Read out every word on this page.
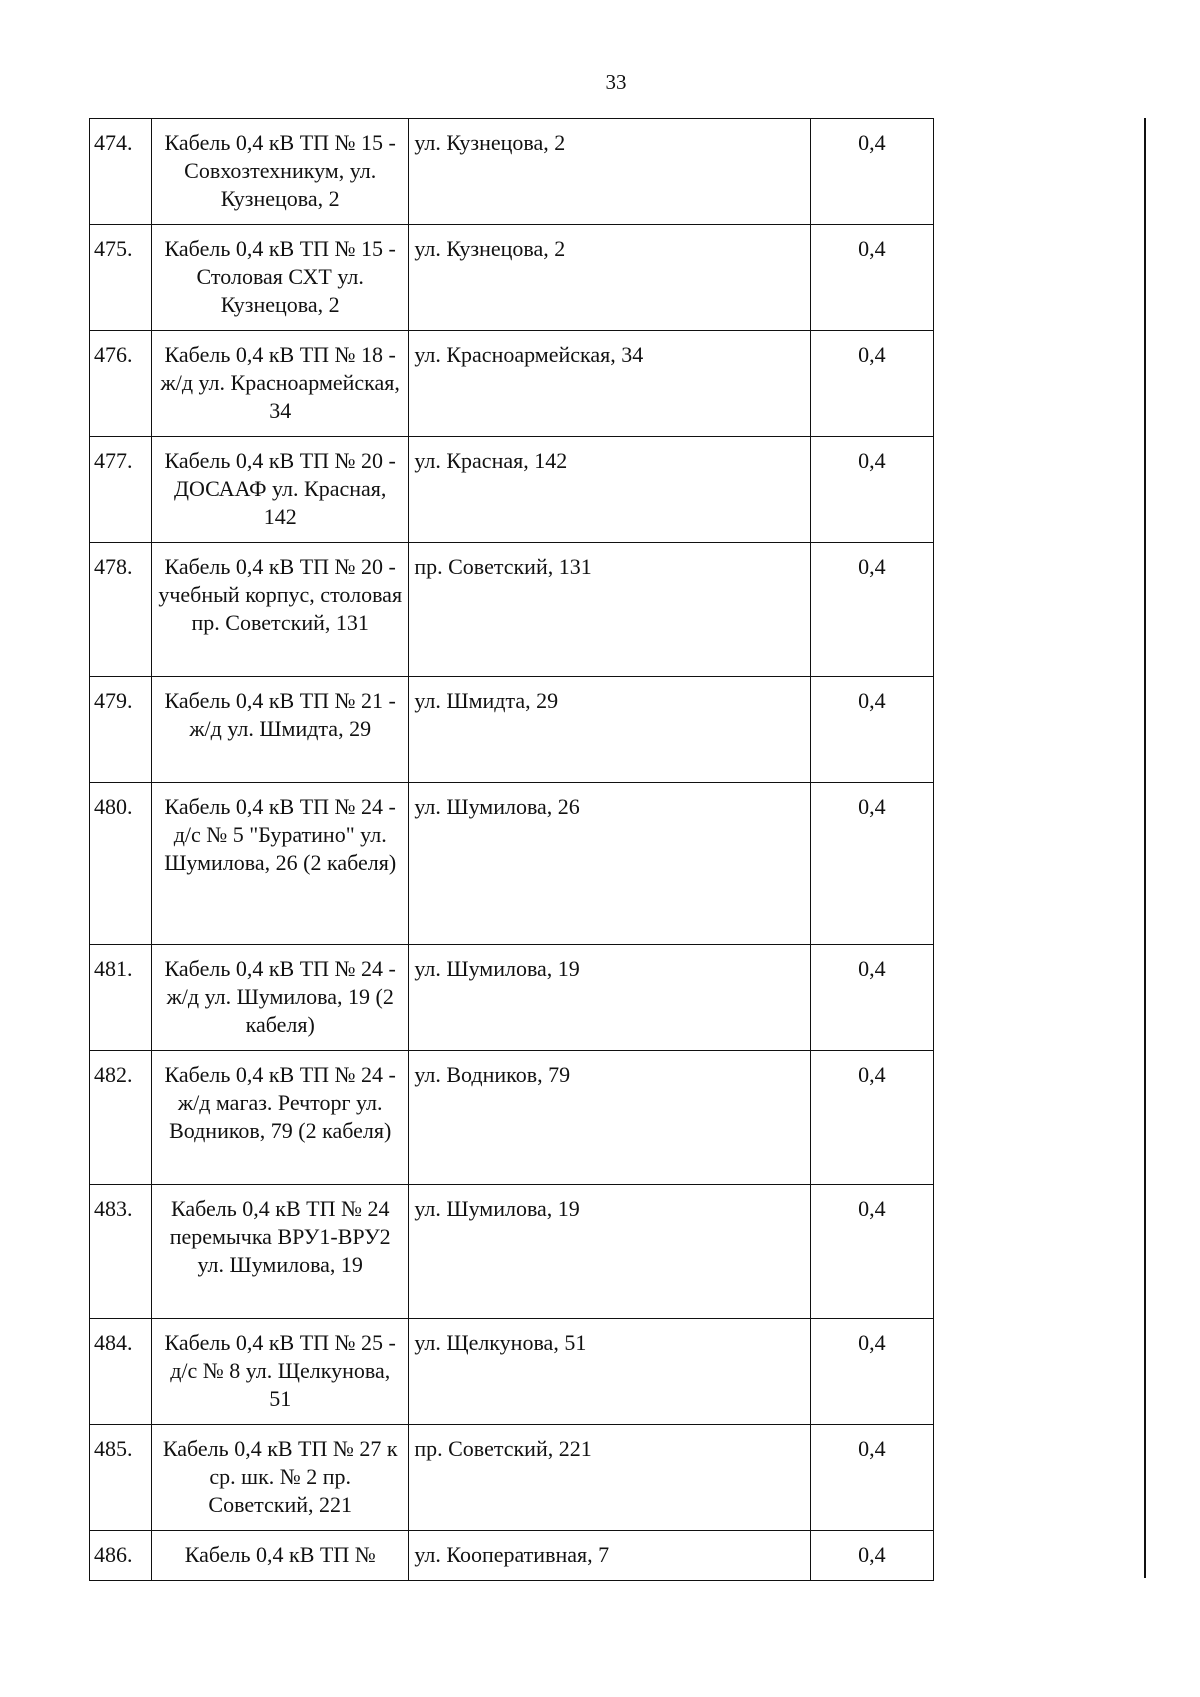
33
474.	Кабель 0,4 кВ ТП № 15 - Совхозтехникум, ул. Кузнецова, 2	ул. Кузнецова, 2	0,4
475.	Кабель 0,4 кВ ТП № 15 - Столовая СХТ ул. Кузнецова, 2	ул. Кузнецова, 2	0,4
476.	Кабель 0,4 кВ ТП № 18 - ж/д ул. Красноармейская, 34	ул. Красноармейская, 34	0,4
477.	Кабель 0,4 кВ ТП № 20 - ДОСААФ ул. Красная, 142	ул. Красная, 142	0,4
478.	Кабель 0,4 кВ ТП № 20 - учебный корпус, столовая пр. Советский, 131	пр. Советский, 131	0,4
479.	Кабель 0,4 кВ ТП № 21 - ж/д ул. Шмидта, 29	ул. Шмидта, 29	0,4
480.	Кабель 0,4 кВ ТП № 24 - д/с № 5 "Буратино" ул. Шумилова, 26 (2 кабеля)	ул. Шумилова, 26	0,4
481.	Кабель 0,4 кВ ТП № 24 - ж/д ул. Шумилова, 19 (2 кабеля)	ул. Шумилова, 19	0,4
482.	Кабель 0,4 кВ ТП № 24 - ж/д магаз. Речторг ул. Водников, 79 (2 кабеля)	ул. Водников, 79	0,4
483.	Кабель 0,4 кВ ТП № 24 перемычка ВРУ1-ВРУ2 ул. Шумилова, 19	ул. Шумилова, 19	0,4
484.	Кабель 0,4 кВ ТП № 25 - д/с № 8 ул. Щелкунова, 51	ул. Щелкунова, 51	0,4
485.	Кабель 0,4 кВ ТП № 27 к ср. шк. № 2 пр. Советский, 221	пр. Советский, 221	0,4
486.	Кабель 0,4 кВ ТП №	ул. Кооперативная, 7	0,4
